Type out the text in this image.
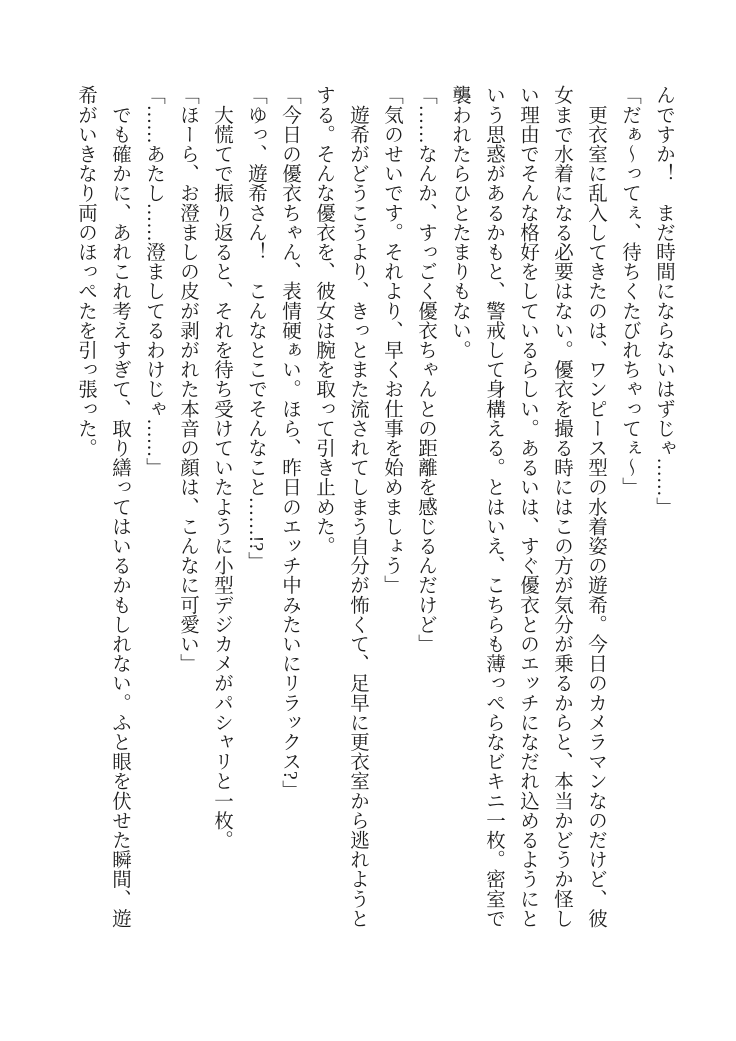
んですか！　まだ時間にならないはずじゃ……」

「だぁ〜ってぇ、待ちくたびれちゃってぇ〜」

　更衣室に乱入してきたのは、ワンピース型の水着姿の遊希。今日のカメラマンなのだけど、彼女まで水着になる必要はない。優衣を撮る時にはこの方が気分が乗るからと、本当かどうか怪しい理由でそんな格好をしているらしい。あるいは、すぐ優衣とのエッチになだれ込めるようにという思惑があるかもと、警戒して身構える。とはいえ、こちらも薄っぺらなビキニ一枚。密室で襲われたらひとたまりもない。

「……なんか、すっごく優衣ちゃんとの距離を感じるんだけど」

「気のせいです。それより、早くお仕事を始めましょう」

　遊希がどうこうより、きっとまた流されてしまう自分が怖くて、足早に更衣室から逃れようとする。そんな優衣を、彼女は腕を取って引き止めた。

「今日の優衣ちゃん、表情硬ぁい。ほら、昨日のエッチ中みたいにリラックス?」

「ゆっ、遊希さん！　こんなとこでそんなこと……!?」

　大慌てで振り返ると、それを待ち受けていたように小型デジカメがパシャリと一枚。

「ほーら、お澄ましの皮が剥がれた本音の顔は、こんなに可愛い」

「……あたし……澄ましてるわけじゃ……」

　でも確かに、あれこれ考えすぎて、取り繕ってはいるかもしれない。ふと眼を伏せた瞬間、遊希がいきなり両のほっぺたを引っ張った。
